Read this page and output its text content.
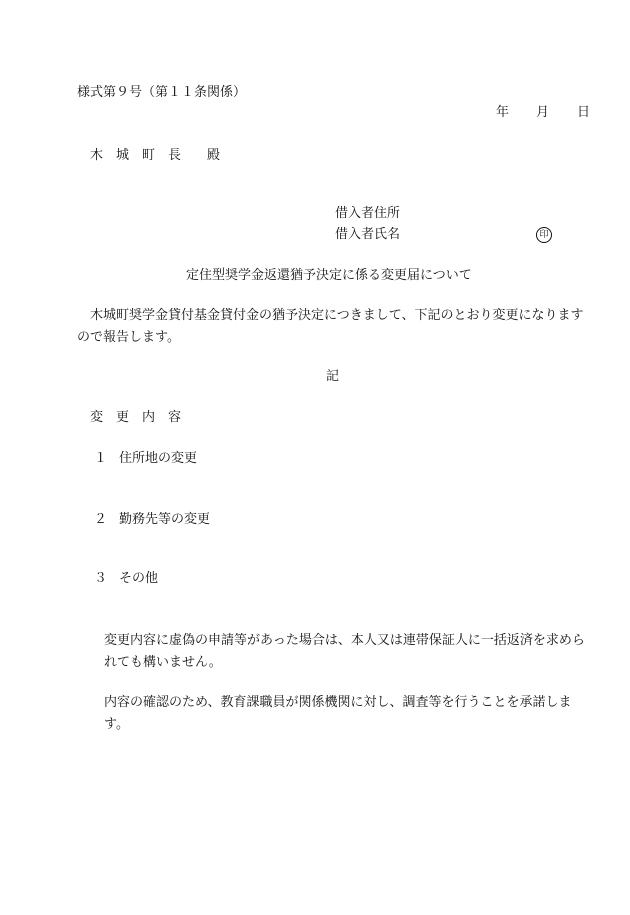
様式第９号（第１１条関係）
年 月 日
木　城　町　長　　殿
借入者住所
借入者氏名	印
定住型奨学金返還猶予決定に係る変更届について
　木城町奨学金貸付基金貸付金の猶予決定につきまして、下記のとおり変更になりますので報告します。
記
変　更　内　容
１ 住所地の変更
２ 勤務先等の変更
３ その他
変更内容に虚偽の申請等があった場合は、本人又は連帯保証人に一括返済を求められても構いません。
内容の確認のため、教育課職員が関係機関に対し、調査等を行うことを承諾します。
